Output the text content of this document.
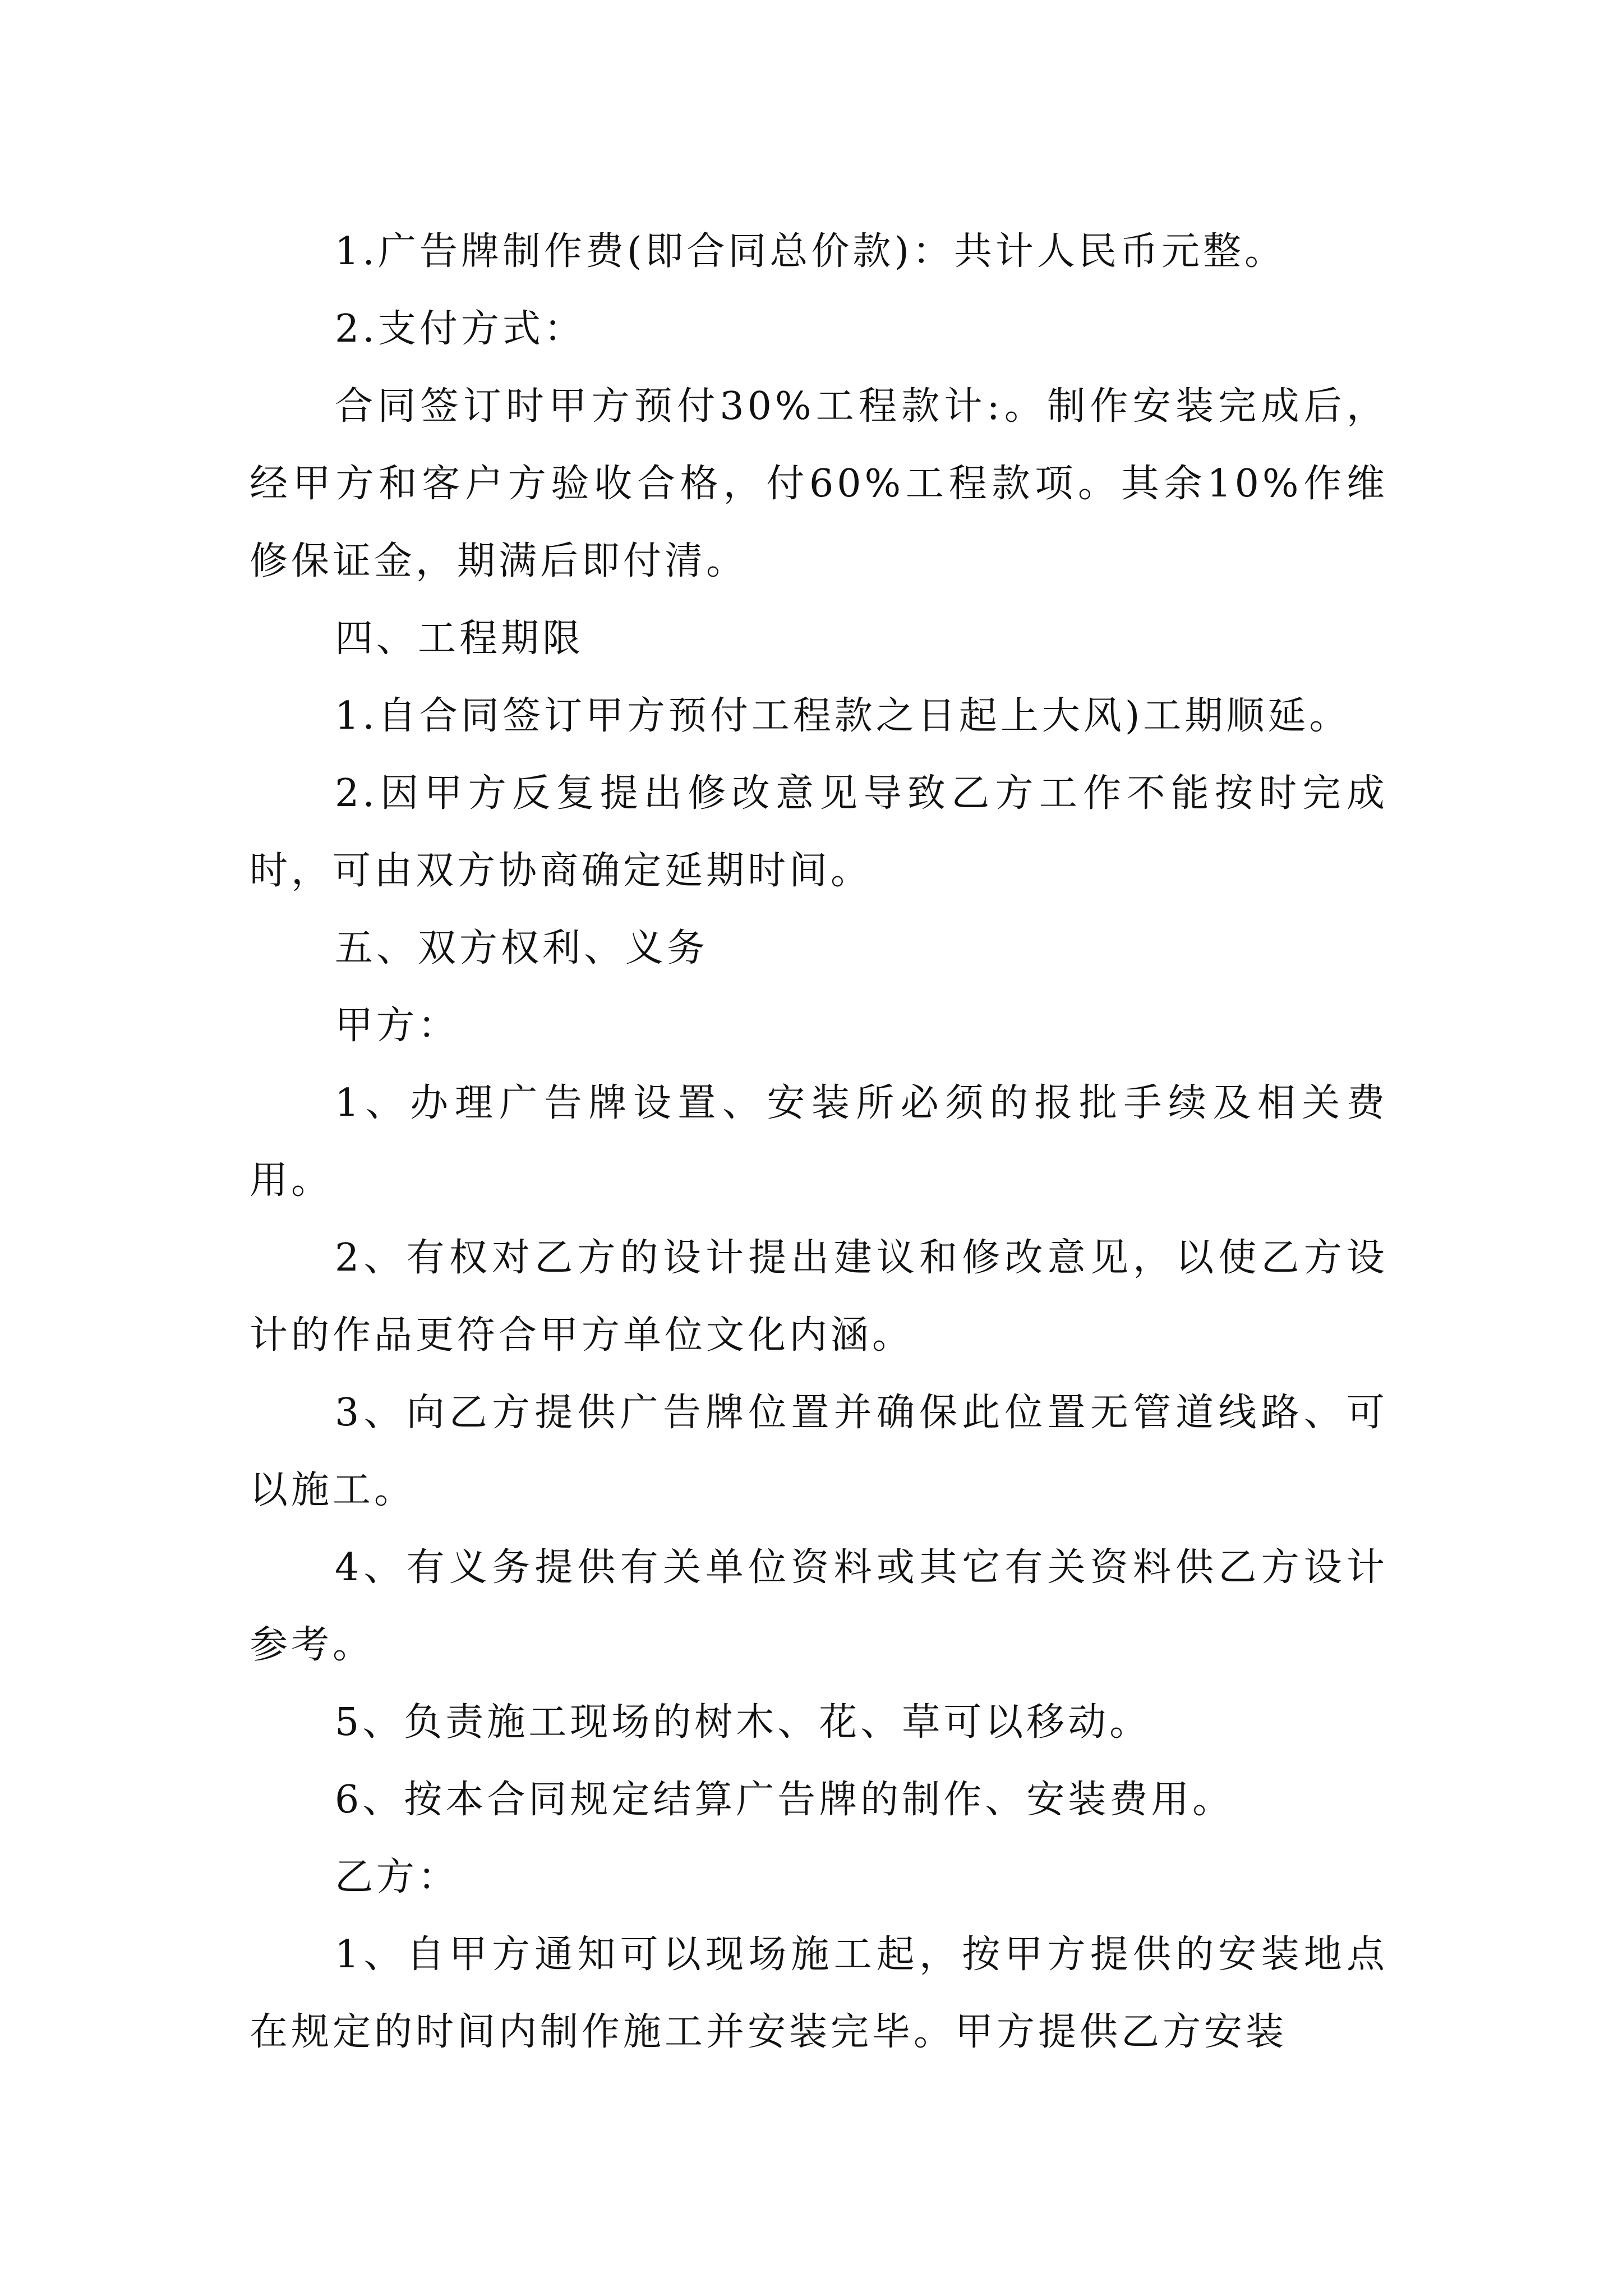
1.广告牌制作费(即合同总价款)：共计人民币元整。

2.支付方式：

合同签订时甲方预付30%工程款计:。制作安装完成后，经甲方和客户方验收合格，付60%工程款项。其余10%作维修保证金，期满后即付清。

四、工程期限

1.自合同签订甲方预付工程款之日起上大风)工期顺延。

2.因甲方反复提出修改意见导致乙方工作不能按时完成时，可由双方协商确定延期时间。

五、双方权利、义务

甲方：

1、办理广告牌设置、安装所必须的报批手续及相关费用。

2、有权对乙方的设计提出建议和修改意见，以使乙方设计的作品更符合甲方单位文化内涵。

3、向乙方提供广告牌位置并确保此位置无管道线路、可以施工。

4、有义务提供有关单位资料或其它有关资料供乙方设计参考。

5、负责施工现场的树木、花、草可以移动。

6、按本合同规定结算广告牌的制作、安装费用。

乙方：

1、自甲方通知可以现场施工起，按甲方提供的安装地点在规定的时间内制作施工并安装完毕。甲方提供乙方安装
